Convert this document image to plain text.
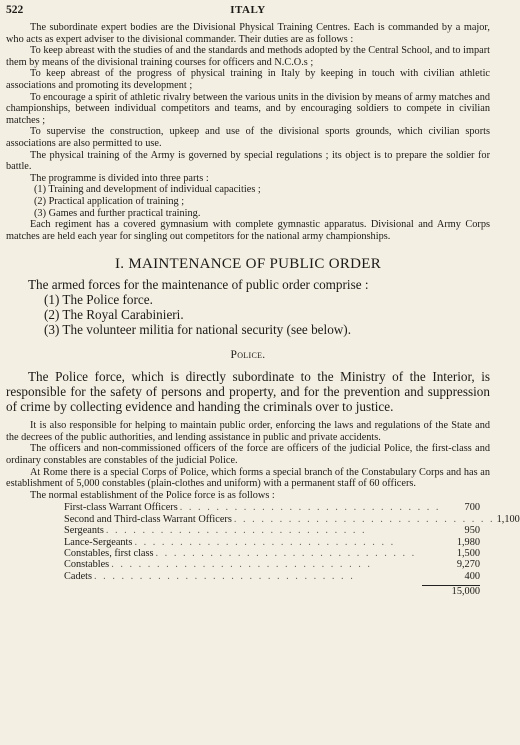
522	ITALY

The subordinate expert bodies are the Divisional Physical Training Centres. Each is commanded by a major, who acts as expert adviser to the divisional commander. Their duties are as follows :

To keep abreast with the studies of and the standards and methods adopted by the Central School, and to impart them by means of the divisional training courses for officers and N.C.O.s ;

To keep abreast of the progress of physical training in Italy by keeping in touch with civilian athletic associations and promoting its development ;

To encourage a spirit of athletic rivalry between the various units in the division by means of army matches and championships, between individual competitors and teams, and by encouraging soldiers to compete in civilian matches ;

To supervise the construction, upkeep and use of the divisional sports grounds, which civilian sports associations are also permitted to use.

The physical training of the Army is governed by special regulations ; its object is to prepare the soldier for battle.

The programme is divided into three parts :

(1) Training and development of individual capacities ;

(2) Practical application of training ;

(3) Games and further practical training.

Each regiment has a covered gymnasium with complete gymnastic apparatus. Divisional and Army Corps matches are held each year for singling out competitors for the national army championships.

I. MAINTENANCE OF PUBLIC ORDER

The armed forces for the maintenance of public order comprise :

(1) The Police force.

(2) The Royal Carabinieri.

(3) The volunteer militia for national security (see below).

Police.

The Police force, which is directly subordinate to the Ministry of the Interior, is responsible for the safety of persons and property, and for the prevention and suppression of crime by collecting evidence and handing the criminals over to justice.

It is also responsible for helping to maintain public order, enforcing the laws and regulations of the State and the decrees of the public authorities, and lending assistance in public and private accidents.

The officers and non-commissioned officers of the force are officers of the judicial Police, the first-class and ordinary constables are constables of the judicial Police.

At Rome there is a special Corps of Police, which forms a special branch of the Constabulary Corps and has an establishment of 5,000 constables (plain-clothes and uniform) with a permanent staff of 60 officers.

The normal establishment of the Police force is as follows :

First-class Warrant Officers . . . . . . . . . . . . . . . . . . . . . . . . . . . . .	700
Second and Third-class Warrant Officers . . . . . . . . . . . . . . . . . . . . . . . . . . . . . 1,100
Sergeants . . . . . . . . . . . . . . . . . . . . . . . . . . . . .	950
Lance-Sergeants . . . . . . . . . . . . . . . . . . . . . . . . . . . . .	1,980
Constables, first class . . . . . . . . . . . . . . . . . . . . . . . . . . . . .	1,500
Constables . . . . . . . . . . . . . . . . . . . . . . . . . . . . .	9,270
Cadets . . . . . . . . . . . . . . . . . . . . . . . . . . . . .	400
15,000
